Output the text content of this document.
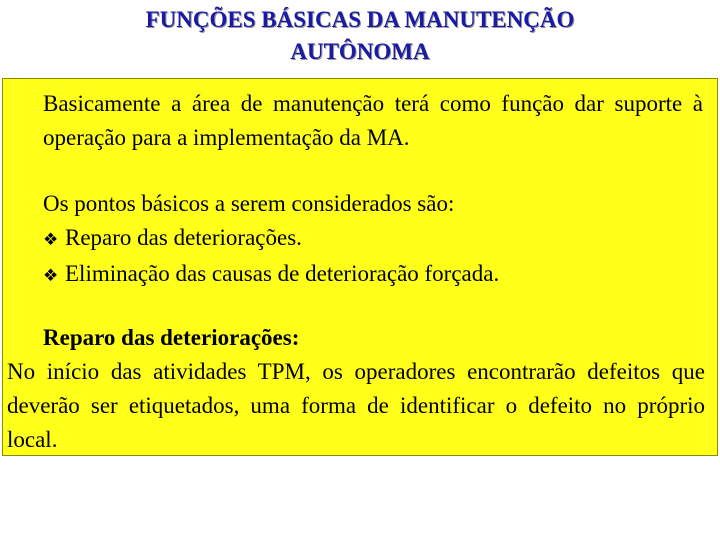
FUNÇÕES BÁSICAS DA MANUTENÇÃO
AUTÔNOMA

Basicamente a área de manutenção terá como função dar suporte à operação para a implementação da MA.

Os pontos básicos a serem considerados são:

❖ Reparo das deteriorações.
❖ Eliminação das causas de deterioração forçada.

Reparo das deteriorações:

No início das atividades TPM, os operadores encontrarão defeitos que deverão ser etiquetados, uma forma de identificar o defeito no próprio local.
